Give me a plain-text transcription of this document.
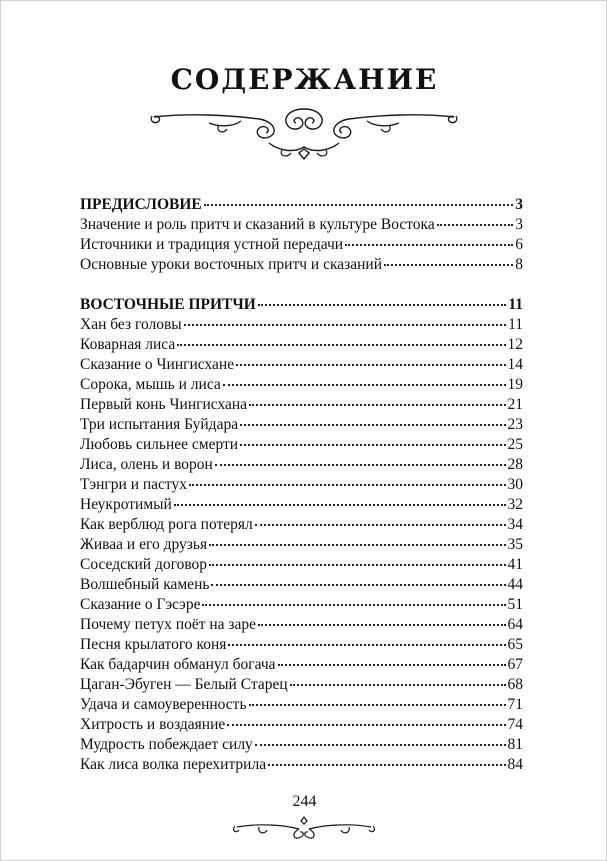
СОДЕРЖАНИЕ
ПРЕДИСЛОВИЕ	3
Значение и роль притч и сказаний в культуре Востока	3
Источники и традиция устной передачи	6
Основные уроки восточных притч и сказаний	8
ВОСТОЧНЫЕ ПРИТЧИ	11
Хан без головы	11
Коварная лиса	12
Сказание о Чингисхане	14
Сорока, мышь и лиса	19
Первый конь Чингисхана	21
Три испытания Буйдара	23
Любовь сильнее смерти	25
Лиса, олень и ворон	28
Тэнгри и пастух	30
Неукротимый	32
Как верблюд рога потерял	34
Живаа и его друзья	35
Соседский договор	41
Волшебный камень	44
Сказание о Гэсэре	51
Почему петух поёт на заре	64
Песня крылатого коня	65
Как бадарчин обманул богача	67
Цаган-Эбуген — Белый Старец	68
Удача и самоуверенность	71
Хитрость и воздаяние	74
Мудрость побеждает силу	81
Как лиса волка перехитрила	84
244
